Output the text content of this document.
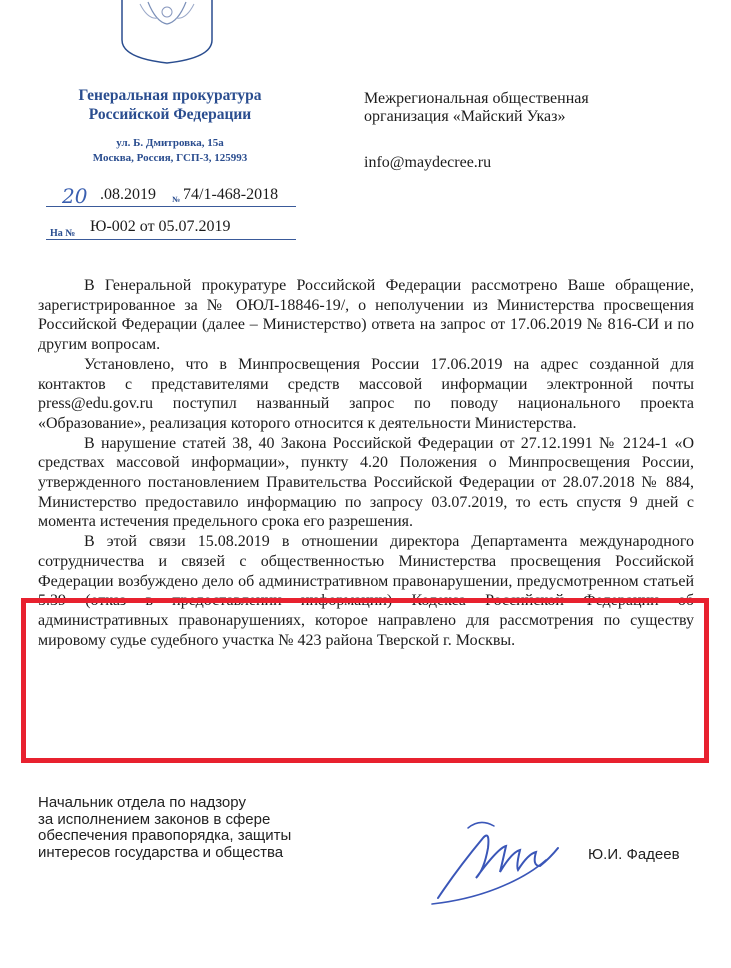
Генеральная прокуратура
Российской Федерации
ул. Б. Дмитровка, 15а
Москва, Россия, ГСП-3, 125993
20 .08.2019 № 74/1-468-2018
На № Ю-002 от 05.07.2019
Межрегиональная общественная
организация «Майский Указ»
info@maydecree.ru

В Генеральной прокуратуре Российской Федерации рассмотрено Ваше обращение, зарегистрированное за № ОЮЛ-18846-19/, о неполучении из Министерства просвещения Российской Федерации (далее – Министерство) ответа на запрос от 17.06.2019 № 816-СИ и по другим вопросам.

Установлено, что в Минпросвещения России 17.06.2019 на адрес созданной для контактов с представителями средств массовой информации электронной почты press@edu.gov.ru поступил названный запрос по поводу национального проекта «Образование», реализация которого относится к деятельности Министерства.

В нарушение статей 38, 40 Закона Российской Федерации от 27.12.1991 № 2124-1 «О средствах массовой информации», пункту 4.20 Положения о Минпросвещения России, утвержденного постановлением Правительства Российской Федерации от 28.07.2018 № 884, Министерство предоставило информацию по запросу 03.07.2019, то есть спустя 9 дней с момента истечения предельного срока его разрешения.

В этой связи 15.08.2019 в отношении директора Департамента международного сотрудничества и связей с общественностью Министерства просвещения Российской Федерации возбуждено дело об административном правонарушении, предусмотренном статьей 5.39 (отказ в предоставлении информации) Кодекса Российской Федерации об административных правонарушениях, которое направлено для рассмотрения по существу мировому судье судебного участка № 423 района Тверской г. Москвы.

Начальник отдела по надзору
за исполнением законов в сфере
обеспечения правопорядка, защиты
интересов государства и общества	Ю.И. Фадеев
